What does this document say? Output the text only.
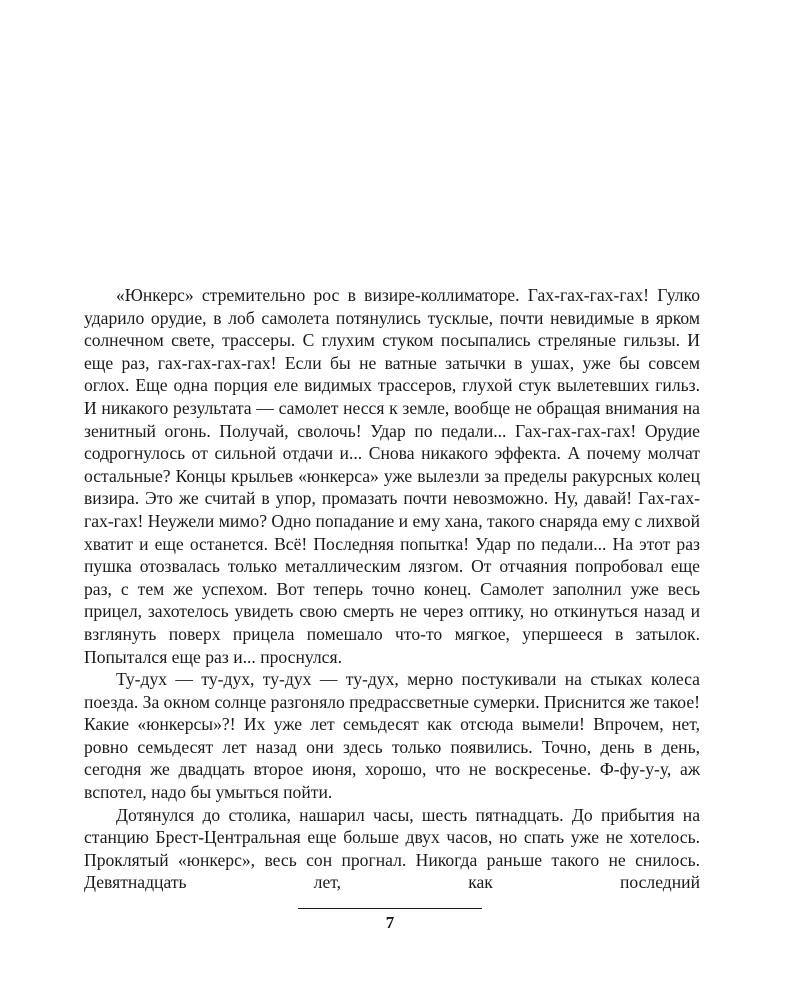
«Юнкерс» стремительно рос в визире-коллиматоре. Гах-гах-гах-гах! Гулко ударило орудие, в лоб самолета потянулись тусклые, почти невидимые в ярком солнечном свете, трассеры. С глухим стуком посыпались стреляные гильзы. И еще раз, гах-гах-гах-гах! Если бы не ватные затычки в ушах, уже бы совсем оглох. Еще одна порция еле видимых трассеров, глухой стук вылетевших гильз. И никакого результата — самолет несся к земле, вообще не обращая внимания на зенитный огонь. Получай, сволочь! Удар по педали... Гах-гах-гах-гах! Орудие содрогнулось от сильной отдачи и... Снова никакого эффекта. А почему молчат остальные? Концы крыльев «юнкерса» уже вылезли за пределы ракурсных колец визира. Это же считай в упор, промазать почти невозможно. Ну, давай! Гах-гах-гах-гах! Неужели мимо? Одно попадание и ему хана, такого снаряда ему с лихвой хватит и еще останется. Всё! Последняя попытка! Удар по педали... На этот раз пушка отозвалась только металлическим лязгом. От отчаяния попробовал еще раз, с тем же успехом. Вот теперь точно конец. Самолет заполнил уже весь прицел, захотелось увидеть свою смерть не через оптику, но откинуться назад и взглянуть поверх прицела помешало что-то мягкое, упершееся в затылок. Попытался еще раз и... проснулся.

Ту-дух — ту-дух, ту-дух — ту-дух, мерно постукивали на стыках колеса поезда. За окном солнце разгоняло предрассветные сумерки. Приснится же такое! Какие «юнкерсы»?! Их уже лет семьдесят как отсюда вымели! Впрочем, нет, ровно семьдесят лет назад они здесь только появились. Точно, день в день, сегодня же двадцать второе июня, хорошо, что не воскресенье. Ф-фу-у-у, аж вспотел, надо бы умыться пойти.

Дотянулся до столика, нашарил часы, шесть пятнадцать. До прибытия на станцию Брест-Центральная еще больше двух часов, но спать уже не хотелось. Проклятый «юнкерс», весь сон прогнал. Никогда раньше такого не снилось. Девятнадцать лет, как последний

7
